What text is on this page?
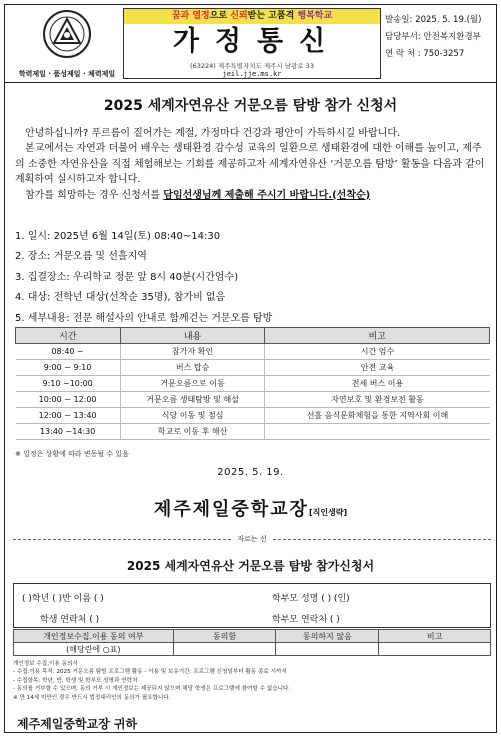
학력제일 · 품성제일 · 체력제일
꿈과 열정으로 신뢰받는 고품격 행복학교
가정통신
(63224) 제주특별자치도 제주시 남광로 33
jeil.jje.ms.kr
발송일: 2025. 5. 19.(월)
담당부서: 안전복지환경부
연 락 처 : 750-3257
2025 세계자연유산 거문오름 탐방 참가 신청서

안녕하십니까? 푸르름이 짙어가는 계절, 가정마다 건강과 평안이 가득하시길 바랍니다.

본교에서는 자연과 더불어 배우는 생태환경 감수성 교육의 일환으로 생태환경에 대한 이해를 높이고, 제주의 소중한 자연유산을 직접 체험해보는 기회를 제공하고자 세계자연유산 ‘거문오름 탐방’ 활동을 다음과 같이 계획하여 실시하고자 합니다.

참가를 희망하는 경우 신청서를 담임선생님께 제출해 주시기 바랍니다.(선착순)

1. 일시: 2025년 6월 14일(토) 08:40~14:30
2. 장소: 거문오름 및 선흘지역
3. 집결장소: 우리학교 정문 앞 8시 40분(시간엄수)
4. 대상: 전학년 대상(선착순 35명), 참가비 없음
5. 세부내용: 전문 해설사의 안내로 함께걷는 거문오름 탐방
시간	내용	비고
08:40 ~	참가자 확인	시간 엄수
9:00 ~ 9:10	버스 탑승	안전 교육
9:10 ~10:00	거문오름으로 이동	전세 버스 이용
10:00 ~ 12:00	거문오름 생태탐방 및 해설	자연보호 및 환경보전 활동
12:00 ~ 13:40	식당 이동 및 점심	선흘 음식문화체험을 통한 지역사회 이해
13:40 ~14:30	학교로 이동 후 해산	
※ 일정은 상황에 따라 변동될 수 있음
2025. 5. 19.
제주제일중학교장[직인생략]
자르는 선
2025 세계자연유산 거문오름 탐방 참가신청서
( )학년 ( )반 이름 ( )	학부모 성명 ( ) (인)
학생 연락처 ( )	학부모 연락처 ( )
개인정보수집.이용 동의 여부	동의함	동의하지 않음	비고
(해당란에 ○표)			
개인정보 수집.이용 동의서
- 수집.이용 목적: 2025 거문오름 탐방 프로그램 활동 - 이용 및 보유기간: 프로그램 신청일부터 활동 종료 시까지
- 수집항목: 학년, 반, 학생 및 학부모 성명과 연락처
- 동의를 거부할 수 있으며, 동의 거부 시 개인정보는 제공되지 않으며 해당 학생은 프로그램에 참여할 수 없습니다.
※ 만 14세 미만인 경우 반드시 법정대리인의 동의가 필요합니다.
제주제일중학교장 귀하
